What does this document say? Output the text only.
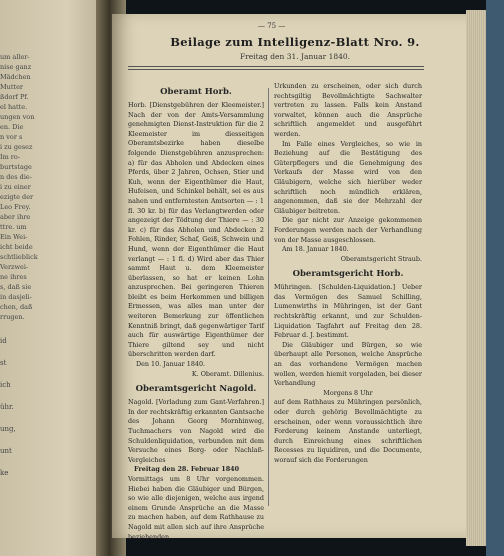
um aller-
nise ganz
Mädchen
Mutter
ßdorf Pf.
el hatte.
ungen von
en. Die
n vor s
i zu gesez
Im ro-
burtstage
n des die-
i zu einer
ezigte der
Leo Frey.
aber ihre
ttre. um
Ein Wei-
icht beide
schtlieblick
Verzwei-
ne ihres
s, daß sie
in dasjeli-
chen, daß
rrugen.
id
st
ich
ühr.
ung,
unt
ke
— 75 —
Beilage zum Intelligenz-Blatt Nro. 9.
Freitag den 31. Januar 1840.
Oberamt Horb.

Horb. [Dienstgebühren der Kleemeister.] Nach der von der Amts-Versammlung genehmigten Dienst-Instruktion für die 2 Kleemeister im diesseitigen Oberamtsbezirke haben dieselbe folgende Dienstgebühren anzusprechen: a) für das Abholen und Abdecken eines Pferds, über 2 Jahren, Ochsen, Stier und Kuh, wenn der Eigenthümer die Haut, Hufeisen, und Schinkel behält, sei es aus nahen und entferntesten Amtsorten — : 1 fl. 30 kr. b) für das Verlangtwerden oder angezeigt der Tödtung der Thiere — : 30 kr. c) für das Abholen und Abdecken 2 Fohlen, Rinder, Schaf, Geiß, Schwein und Hund, wenn der Eigenthümer die Haut verlangt — : 1 fl. d) Wird aber das Thier sammt Haut u. dem Kleemeister überlassen, so hat er keinen Lohn anzusprechen. Bei geringeren Thieren bleibt es beim Herkommen und billigen Ermessen, was alles man unter der weiteren Bemerkung zur öffentlichen Kenntniß bringt, daß gegenwärtiger Tarif auch für auswärtige Eigenthümer der Thiere giltend sey und nicht überschritten werden darf.

Den 10. Januar 1840.

K. Oberamt. Dillenius.
Oberamtsgericht Nagold.

Nagold. [Vorladung zum Gant-Verfahren.] In der rechtskräftig erkannten Gantsache des Johann Georg Mornhinweg, Tuchmachers von Nagold wird die Schuldenliquidation, verbunden mit dem Versuche eines Borg- oder Nachlaß-Vergleiches

Freitag den 28. Februar 1840

Vormittags um 8 Uhr vorgenommen. Hiebei haben die Gläubiger und Bürgen, so wie alle diejenigen, welche aus irgend einem Grunde Ansprüche an die Masse zu machen haben, auf dem Rathhause zu Nagold mit allen sich auf ihre Ansprüche beziehenden

Urkunden zu erscheinen, oder sich durch rechtsgiltig Bevollmächtigte Sachwalter vertreten zu lassen. Falls kein Anstand vorwaltet, können auch die Ansprüche schriftlich angemeldet und ausgeführt werden.

Im Falle eines Vergleiches, so wie in Beziehung auf die Bestätigung des Güterpflegers und die Genehmigung des Verkaufs der Masse wird von den Gläubigern, welche sich hierüber weder schriftlich noch mündlich erklären, angenommen, daß sie der Mehrzahl der Gläubiger beitreten.

Die gar nicht zur Anzeige gekommenen Forderungen werden nach der Verhandlung von der Masse ausgeschlossen.

Am 18. Januar 1840.

Oberamtsgericht Straub.
Oberamtsgericht Horb.

Mühringen. [Schulden-Liquidation.] Ueber das Vermögen des Samuel Schilling, Lumenwirths in Mühringen, ist der Gant rechtskräftig erkannt, und zur Schulden-Liquidation Tagfahrt auf Freitag den 28. Februar d. J. bestimmt.

Die Gläubiger und Bürgen, so wie überhaupt alle Personen, welche Ansprüche an das vorhandene Vermögen machen wollen, werden hiemit vorgeladen, bei dieser Verhandlung

Morgens 8 Uhr

auf dem Rathhaus zu Mühringen persönlich, oder durch gehörig Bevollmächtigte zu erscheinen, oder wenn voraussichtlich ihre Forderung keinem Anstande unterliegt, durch Einreichung eines schriftlichen Recesses zu liquidiren, und die Documente, worauf sich die Forderungen
